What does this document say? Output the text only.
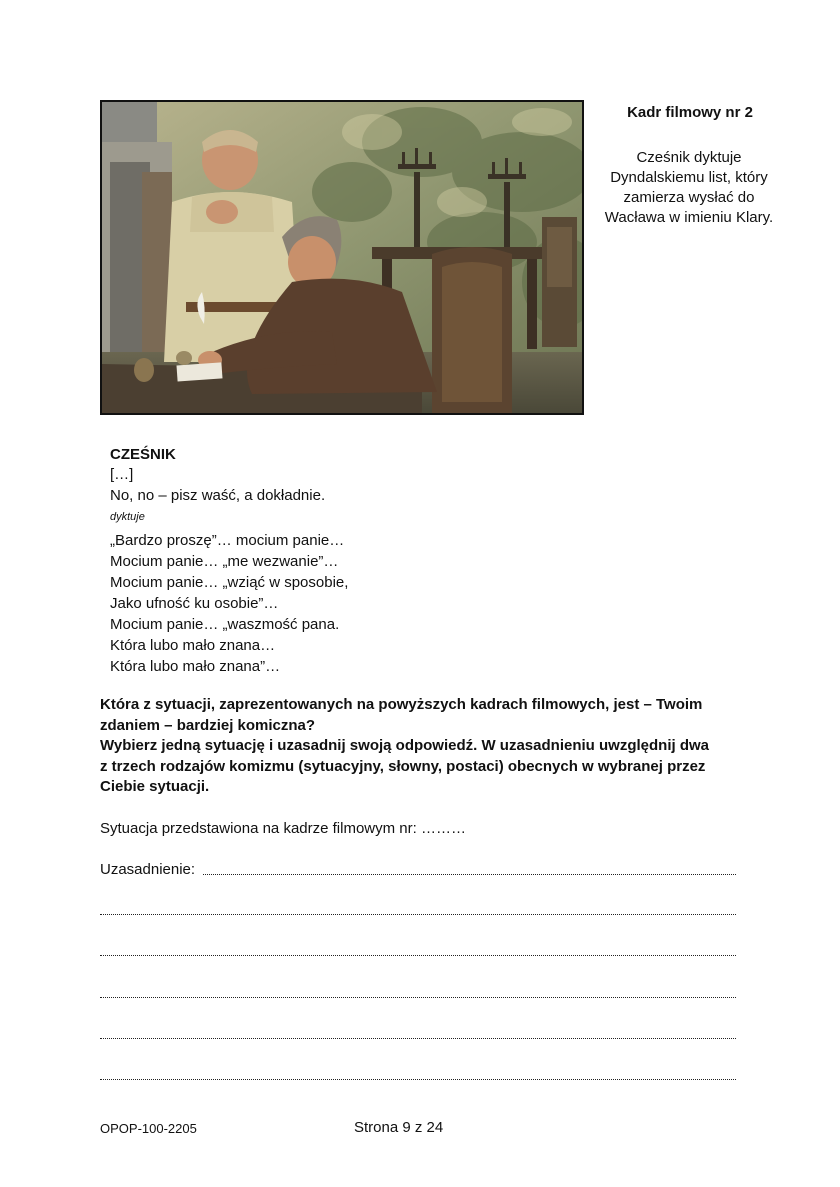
Kadr filmowy nr 2
Cześnik dyktuje Dyndalskiemu list, który zamierza wysłać do Wacława w imieniu Klary.
CZEŚNIK
[…]
No, no – pisz waść, a dokładnie.
dyktuje
„Bardzo proszę”… mocium panie…
Mocium panie… „me wezwanie”…
Mocium panie… „wziąć w sposobie,
Jako ufność ku osobie”…
Mocium panie… „waszmość pana.
Która lubo mało znana…
Która lubo mało znana”…
Która z sytuacji, zaprezentowanych na powyższych kadrach filmowych, jest – Twoim
zdaniem – bardziej komiczna?
Wybierz jedną sytuację i uzasadnij swoją odpowiedź. W uzasadnieniu uwzględnij dwa
z trzech rodzajów komizmu (sytuacyjny, słowny, postaci) obecnych w wybranej przez
Ciebie sytuacji.
Sytuacja przedstawiona na kadrze filmowym nr: ………
Uzasadnienie:
OPOP-100-2205	Strona 9 z 24
